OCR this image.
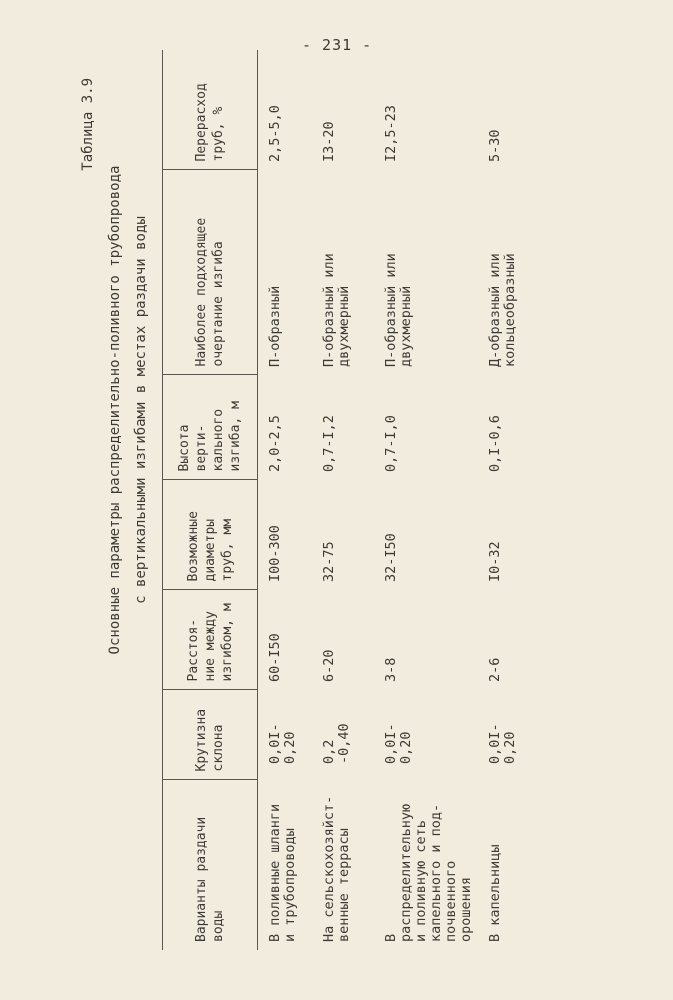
- 231 -
Таблица 3.9
Основные параметры распределительно-поливного трубопровода с вертикальными изгибами в местах раздачи воды
Варианты раздачи воды	Крутизна склона	Расстоя-ние между изгибом, м	Возможные диаметры труб, мм	Высота верти-кального изгиба, м	Наиболее подходящее очертание изгиба	Перерасход труб, %
В поливные шланги и трубопроводы	0,0I-0,20	60-I50	I00-300	2,0-2,5	П-образный	2,5-5,0
На сельскохозяйст-венные террасы	0,2 -0,40	6-20	32-75	0,7-I,2	П-образный или двухмерный	I3-20
В распределительную и поливную сеть капельного и под-почвенного орошения	0,0I-0,20	3-8	32-I50	0,7-I,0	П-образный или двухмерный	I2,5-23
В капельницы	0,0I-0,20	2-6	I0-32	0,I-0,6	Д-образный или кольцеобразный	5-30
